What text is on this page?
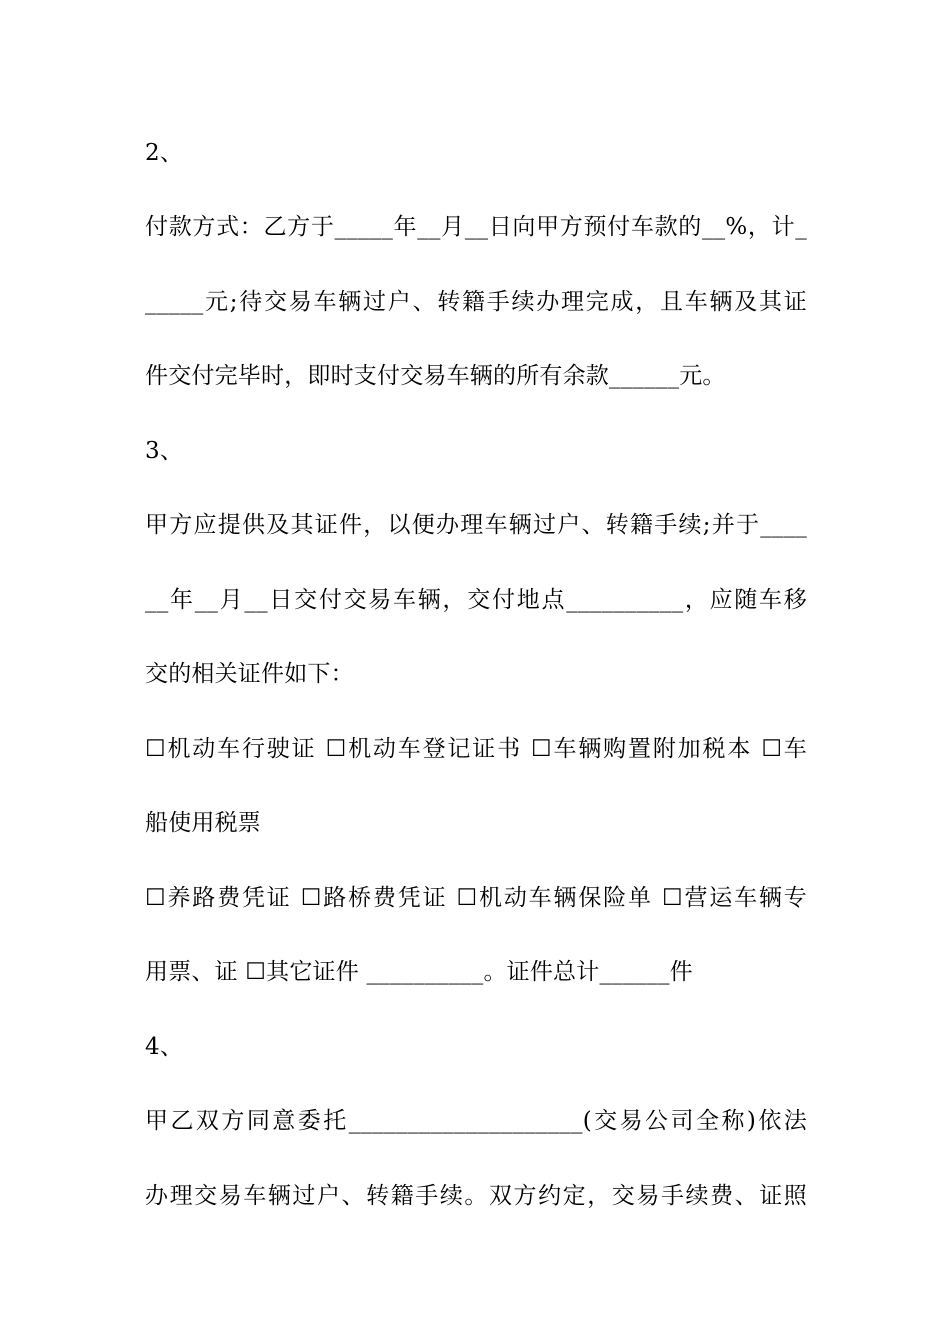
2、
付款方式：乙方于_____年__月__日向甲方预付车款的__%，计_
_____元;待交易车辆过户、转籍手续办理完成，且车辆及其证
件交付完毕时，即时支付交易车辆的所有余款______元。
3、
甲方应提供及其证件，以便办理车辆过户、转籍手续;并于____
__年__月__日交付交易车辆，交付地点__________，应随车移
交的相关证件如下：
☐机动车行驶证 ☐机动车登记证书 ☐车辆购置附加税本 ☐车
船使用税票
☐养路费凭证 ☐路桥费凭证 ☐机动车辆保险单 ☐营运车辆专
用票、证 ☐其它证件 __________。证件总计______件
4、
甲乙双方同意委托____________________(交易公司全称)依法
办理交易车辆过户、转籍手续。双方约定，交易手续费、证照
